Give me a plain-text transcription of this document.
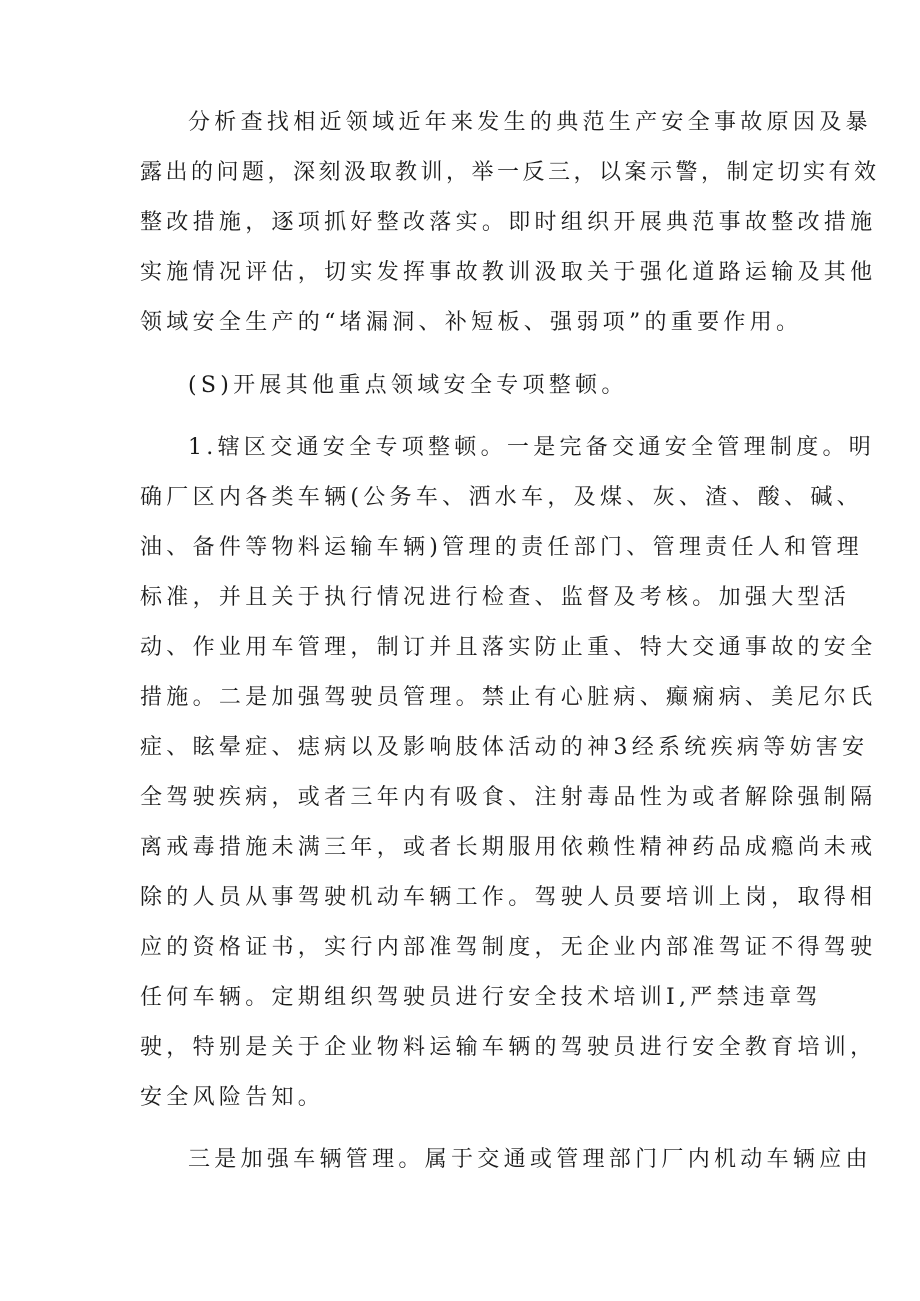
分析查找相近领域近年来发生的典范生产安全事故原因及暴
露出的问题，深刻汲取教训，举一反三，以案示警，制定切实有效
整改措施，逐项抓好整改落实。即时组织开展典范事故整改措施
实施情况评估，切实发挥事故教训汲取关于强化道路运输及其他
领域安全生产的“堵漏洞、补短板、强弱项”的重要作用。
(S)开展其他重点领域安全专项整顿。
1.辖区交通安全专项整顿。一是完备交通安全管理制度。明
确厂区内各类车辆(公务车、洒水车，及煤、灰、渣、酸、碱、
油、备件等物料运输车辆)管理的责任部门、管理责任人和管理
标准，并且关于执行情况进行检查、监督及考核。加强大型活
动、作业用车管理，制订并且落实防止重、特大交通事故的安全
措施。二是加强驾驶员管理。禁止有心脏病、癫痫病、美尼尔氏
症、眩晕症、痣病以及影响肢体活动的神3经系统疾病等妨害安
全驾驶疾病，或者三年内有吸食、注射毒品性为或者解除强制隔
离戒毒措施未满三年，或者长期服用依赖性精神药品成瘾尚未戒
除的人员从事驾驶机动车辆工作。驾驶人员要培训上岗，取得相
应的资格证书，实行内部准驾制度，无企业内部准驾证不得驾驶
任何车辆。定期组织驾驶员进行安全技术培训I,严禁违章驾
驶，特别是关于企业物料运输车辆的驾驶员进行安全教育培训，
安全风险告知。
三是加强车辆管理。属于交通或管理部门厂内机动车辆应由
